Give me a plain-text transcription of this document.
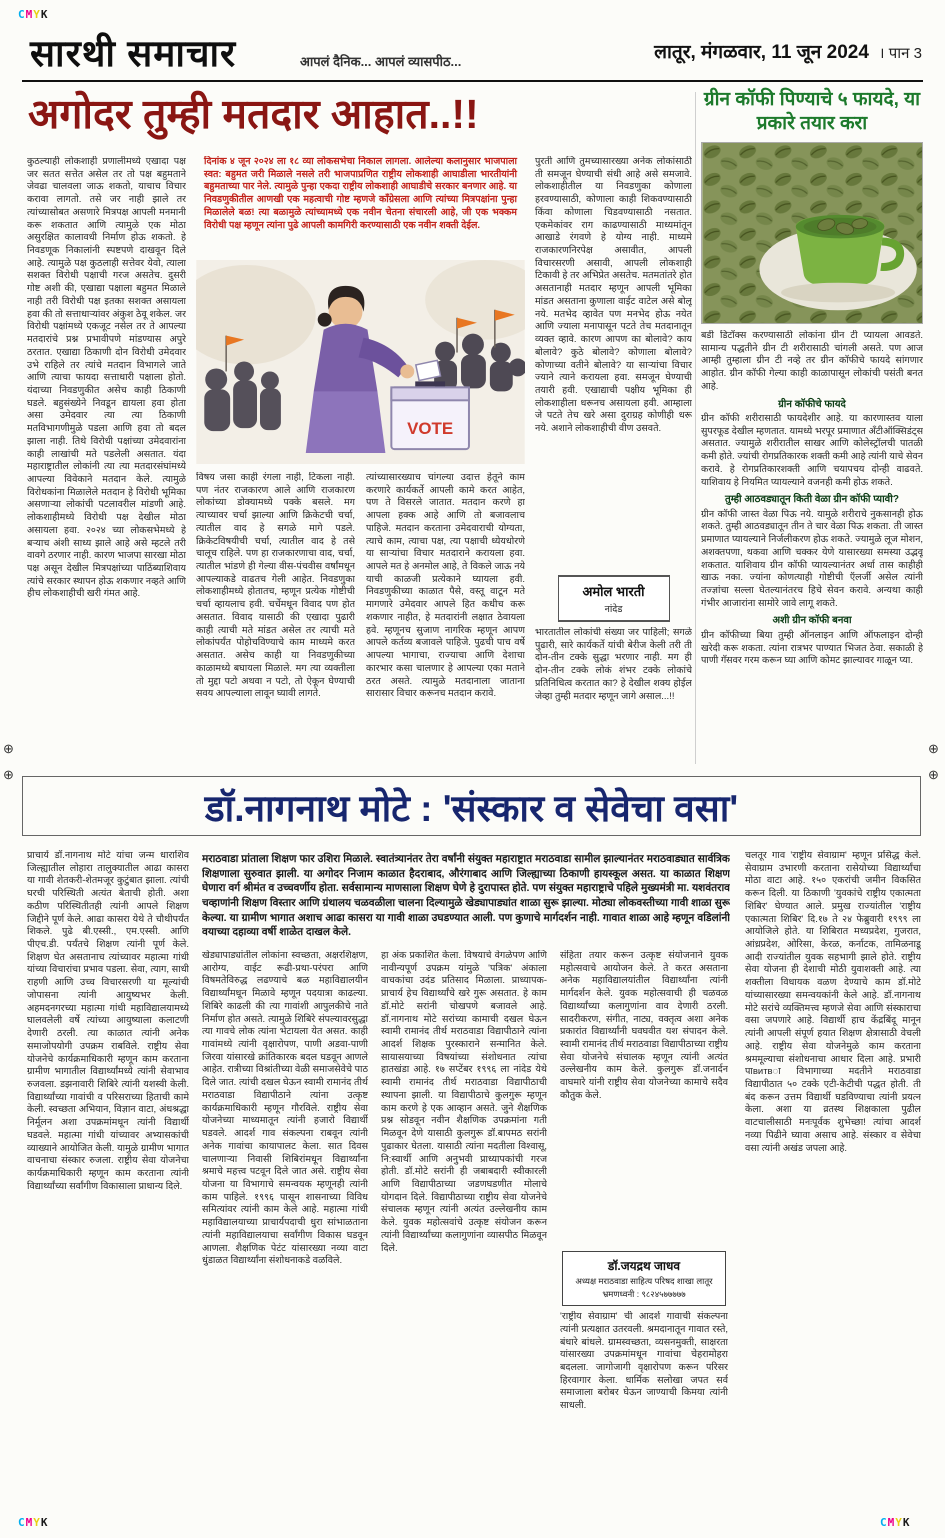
CMYK
CMYK	CMYK
⊕
⊕
⊕
⊕
सारथी समाचार	आपलं दैनिक... आपलं व्यासपीठ...	लातूर, मंगळवार, 11 जून 2024 । पान 3
अगोदर तुम्ही मतदार आहात..!!
कुठल्याही लोकशाही प्रणालीमध्ये एखादा पक्ष जर सतत सत्तेत असेल तर तो पक्ष बहुमताने जेवढा चालवला जाऊ शकतो, याचाच विचार करावा लागतो. तसे जर नाही झाले तर त्यांच्यासोबत असणारे मित्रपक्ष आपली मनमानी करू शकतात आणि त्यामुळे एक मोठा असुरक्षित कालावधी निर्माण होऊ शकतो. हे निवडणूक निकालांनी स्पष्टपणे दाखवून दिले आहे. त्यामुळे पक्ष कुठलाही सत्तेवर येवो, त्याला सशक्त विरोधी पक्षाची गरज असतेच. दुसरी गोष्ट अशी की, एखाद्या पक्षाला बहुमत मिळाले नाही तरी विरोधी पक्ष इतका सशक्त असायला हवा की तो सत्ताधाऱ्यांवर अंकुश ठेवू शकेल. जर विरोधी पक्षांमध्ये एकजूट नसेल तर ते आपल्या मतदारांचे प्रश्न प्रभावीपणे मांडण्यास अपुरे ठरतात. एखाद्या ठिकाणी दोन विरोधी उमेदवार उभे राहिले तर त्यांचे मतदान विभागले जाते आणि त्याचा फायदा सत्ताधारी पक्षाला होतो. यंदाच्या निवडणुकीत असेच काही ठिकाणी घडले. बहुसंख्येने निवडून द्यायला हवा होता असा उमेदवार त्या त्या ठिकाणी मतविभागणीमुळे पडला आणि हवा तो बदल झाला नाही. तिथे विरोधी पक्षांच्या उमेदवारांना काही लाखांची मते पडलेली असतात. यंदा महाराष्ट्रातील लोकांनी त्या त्या मतदारसंघांमध्ये आपल्या विवेकाने मतदान केले. त्यामुळे विरोधकांना मिळालेले मतदान हे विरोधी भूमिका असणाऱ्या लोकांची पटलावरील मांडणी आहे. लोकशाहीमध्ये विरोधी पक्ष देखील मोठा असायला हवा. २०२४ च्या लोकसभेमध्ये हे बऱ्याच अंशी साध्य झाले आहे असे म्हटले तरी वावगे ठरणार नाही. कारण भाजपा सारखा मोठा पक्ष असून देखील मित्रपक्षांच्या पाठिंब्याशिवाय त्यांचे सरकार स्थापन होऊ शकणार नव्हते आणि हीच लोकशाहीची खरी गंमत आहे.
दिनांक ४ जून २०२४ ला १८ व्या लोकसभेचा निकाल लागला. आलेल्या कलानुसार भाजपाला स्वत: बहुमत जरी मिळाले नसले तरी भाजपाप्रणित राष्ट्रीय लोकशाही आघाडीला भारतीयांनी बहुमताच्या पार नेले. त्यामुळे पुन्हा एकदा राष्ट्रीय लोकशाही आघाडीचे सरकार बनणार आहे. या निवडणुकीतील आणखी एक महत्वाची गोष्ट म्हणजे कॉंग्रेसला आणि त्यांच्या मित्रपक्षांना पुन्हा मिळालेले बळ! त्या बळामुळे त्यांच्यामध्ये एक नवीन चेतना संचारली आहे, जी एक भक्कम विरोधी पक्ष म्हणून त्यांना पुढे आपली कामगिरी करण्यासाठी एक नवीन शक्ती देईल.
VOTE
विषय जसा काही रंगला नाही, टिकला नाही. पण नंतर राजकारण आले आणि राजकारण लोकांच्या डोक्यामध्ये पक्के बसले. मग त्याच्यावर चर्चा झाल्या आणि क्रिकेटची चर्चा, त्यातील वाद हे सगळे मागे पडले. क्रिकेटविषयीची चर्चा, त्यातील वाद हे तसे चालूच राहिले. पण हा राजकारणाचा वाद, चर्चा, त्यातील भांडणे ही गेल्या वीस-पंचवीस वर्षांमधून आपल्याकडे वाढतच गेली आहेत. निवडणुका लोकशाहीमध्ये होतातच, म्हणून प्रत्येक गोष्टीची चर्चा व्हायलाच हवी. चर्चेमधून विवाद पण होत असतात. विवाद यासाठी की एखादा पुढारी काही त्याची मते मांडत असेल तर त्याची मते लोकांपर्यंत पोहोचविण्याचे काम माध्यमे करत असतात. असेच काही या निवडणुकीच्या काळामध्ये बघायला मिळाले. मग त्या व्यक्तीला तो मुद्दा पटो अथवा न पटो, तो ऐकून घेण्याची सवय आपल्याला लावून घ्यावी लागते.
त्यांच्यासारख्याच चांगल्या उदात्त हेतूने काम करणारे कार्यकर्ते आपली कामे करत आहेत, पण ते विसरले जातात. मतदान करणे हा आपला हक्क आहे आणि तो बजावलाच पाहिजे. मतदान करताना उमेदवाराची योग्यता, त्याचे काम, त्याचा पक्ष, त्या पक्षाची ध्येयधोरणे या साऱ्यांचा विचार मतदाराने करायला हवा. आपले मत हे अनमोल आहे, ते विकले जाऊ नये याची काळजी प्रत्येकाने घ्यायला हवी. निवडणुकीच्या काळात पैसे, वस्तू वाटून मते मागणारे उमेदवार आपले हित कधीच करू शकणार नाहीत, हे मतदारांनी लक्षात ठेवायला हवे. म्हणूनच सुजाण नागरिक म्हणून आपण आपले कर्तव्य बजावले पाहिजे. पुढची पाच वर्षे आपल्या भागाचा, राज्याचा आणि देशाचा कारभार कसा चालणार हे आपल्या एका मताने ठरत असते. त्यामुळे मतदानाला जाताना सारासार विचार करूनच मतदान करावे.
पुरती आणि तुमच्यासारख्या अनेक लोकांसाठी ती समजून घेण्याची संधी आहे असे समजावे. लोकशाहीतील या निवडणुका कोणाला हरवण्यासाठी, कोणाला काही शिकवण्यासाठी किंवा कोणाला चिडवण्यासाठी नसतात. एकमेकांवर राग काढण्यासाठी माध्यमांतून आखाडे रंगवणे हे योग्य नाही. माध्यमे राजकारणनिरपेक्ष असावीत, आपली विचारसरणी असावी, आपली लोकशाही टिकावी हे तर अभिप्रेत असतेच. मतमतांतरे होत असतानाही मतदार म्हणून आपली भूमिका मांडत असताना कुणाला वाईट वाटेल असे बोलू नये. मतभेद व्हावेत पण मनभेद होऊ नयेत आणि ज्याला मनापासून पटते तेच मतदानातून व्यक्त व्हावे. कारण आपण का बोलावे? काय बोलावे? कुठे बोलावे? कोणाला बोलावे? कोणाच्या वतीने बोलावे? या साऱ्यांचा विचार ज्याने त्याने करायला हवा. समजून घेण्याची तयारी हवी. एखाद्याची पक्षीय भूमिका ही लोकशाहीला धरूनच असायला हवी. आम्हाला जे पटते तेच खरे असा दुराग्रह कोणीही धरू नये. अशाने लोकशाहीची वीण उसवते.
अमोल भारती
नांदेड
भारतातील लोकांची संख्या जर पाहिली; सगळे पुढारी, सारे कार्यकर्ते यांची बेरीज केली तरी ती दोन-तीन टक्के सुद्धा भरणार नाही. मग ही दोन-तीन टक्के लोकं शंभर टक्के लोकांचे प्रतिनिधित्व करतात का? हे देखील शक्य होईल जेव्हा तुम्ही मतदार म्हणून जागे असाल...!!
ग्रीन कॉफी पिण्याचे ५ फायदे, या प्रकारे तयार करा

बडी डिटॉक्स करण्यासाठी लोकांना ग्रीन टी प्यायला आवडते. सामान्य पद्धतीने ग्रीन टी शरीरासाठी चांगली असते. पण आज आम्ही तुम्हाला ग्रीन टी नव्हे तर ग्रीन कॉफीचे फायदे सांगणार आहोत. ग्रीन कॉफी गेल्या काही काळापासून लोकांची पसंती बनत आहे.

ग्रीन कॉफीचे फायदे

ग्रीन कॉफी शरीरासाठी फायदेशीर आहे. या कारणास्तव याला सुपरफूड देखील म्हणतात. यामध्ये भरपूर प्रमाणात अँटीऑक्सिडंट्स असतात. ज्यामुळे शरीरातील साखर आणि कोलेस्ट्रॉलची पातळी कमी होते. ज्यांची रोगप्रतिकारक शक्ती कमी आहे त्यांनी याचे सेवन करावे. हे रोगप्रतिकारशक्ती आणि चयापचय दोन्ही वाढवते. याशिवाय हे नियमित प्यायल्याने वजनही कमी होऊ शकते.

तुम्ही आठवड्यातून किती वेळा ग्रीन कॉफी प्यावी?

ग्रीन कॉफी जास्त वेळा पिऊ नये. यामुळे शरीराचे नुकसानही होऊ शकते. तुम्ही आठवड्यातून तीन ते चार वेळा पिऊ शकता. ती जास्त प्रमाणात प्यायल्याने निर्जलीकरण होऊ शकते. ज्यामुळे लूज मोशन, अशक्तपणा, थकवा आणि चक्कर येणे यासारख्या समस्या उद्भवू शकतात. याशिवाय ग्रीन कॉफी प्यायल्यानंतर अर्धा तास काहीही खाऊ नका. ज्यांना कोणत्याही गोष्टीची ऍलर्जी असेल त्यांनी तज्ज्ञांचा सल्ला घेतल्यानंतरच हिचे सेवन करावे. अन्यथा काही गंभीर आजारांना सामोरे जावे लागू शकते.

अशी ग्रीन कॉफी बनवा

ग्रीन कॉफीच्या बिया तुम्ही ऑनलाइन आणि ऑफलाइन दोन्ही खरेदी करू शकता. त्यांना रात्रभर पाण्यात भिजत ठेवा. सकाळी हे पाणी गॅसवर गरम करून घ्या आणि कोमट झाल्यावर गाळून प्या.

डॉ.नागनाथ मोटे : 'संस्कार व सेवेचा वसा'
प्राचार्य डॉ.नागनाथ मोटे यांचा जन्म धाराशिव जिल्ह्यातील लोहारा तालुक्यातील आढा कासरा या गावी शेतकरी-शेतमजूर कुटुंबात झाला. त्यांची घरची परिस्थिती अत्यंत बेताची होती. अशा कठीण परिस्थितीतही त्यांनी आपले शिक्षण जिद्दीने पूर्ण केले. आढा कासरा येथे ते चौथीपर्यंत शिकले. पुढे बी.एस्सी., एम.एस्सी. आणि पीएच.डी. पर्यंतचे शिक्षण त्यांनी पूर्ण केले. शिक्षण घेत असतानाच त्यांच्यावर महात्मा गांधी यांच्या विचारांचा प्रभाव पडला. सेवा, त्याग, साधी राहणी आणि उच्च विचारसरणी या मूल्यांची जोपासना त्यांनी आयुष्यभर केली. अहमदनगरच्या महात्मा गांधी महाविद्यालयामध्ये घालवलेली वर्षे त्यांच्या आयुष्याला कलाटणी देणारी ठरली. त्या काळात त्यांनी अनेक समाजोपयोगी उपक्रम राबविले. राष्ट्रीय सेवा योजनेचे कार्यक्रमाधिकारी म्हणून काम करताना ग्रामीण भागातील विद्यार्थ्यांमध्ये त्यांनी सेवाभाव रुजवला. डझनावारी शिबिरे त्यांनी यशस्वी केली. विद्यार्थ्यांच्या गावांची व परिसराच्या हिताची कामे केली. स्वच्छता अभियान, विज्ञान वाटा, अंधश्रद्धा निर्मूलन अशा उपक्रमांमधून त्यांनी विद्यार्थी घडवले. महात्मा गांधी यांच्यावर अभ्यासकांची व्याख्याने आयोजित केली. यामुळे ग्रामीण भागात वाचनाचा संस्कार रुजला. राष्ट्रीय सेवा योजनेचा कार्यक्रमाधिकारी म्हणून काम करताना त्यांनी विद्यार्थ्यांच्या सर्वांगीण विकासाला प्राधान्य दिले.
मराठवाडा प्रांताला शिक्षण फार उशिरा मिळाले. स्वातंत्र्यानंतर तेरा वर्षांनी संयुक्त महाराष्ट्रात मराठवाडा सामील झाल्यानंतर मराठवाड्यात सार्वत्रिक शिक्षणाला सुरुवात झाली. या अगोदर निजाम काळात हैदराबाद, औरंगाबाद आणि जिल्ह्याच्या ठिकाणी हायस्कूल असत. या काळात शिक्षण घेणारा वर्ग श्रीमंत व उच्चवर्णीय होता. सर्वसामान्य माणसाला शिक्षण घेणे हे दुरापास्त होते. पण संयुक्त महाराष्ट्राचे पहिले मुख्यमंत्री मा. यशवंतराव चव्हाणांनी शिक्षण विस्तार आणि ग्रंथालय चळवळीला चालना दिल्यामुळे खेड्यापाड्यांत शाळा सुरू झाल्या. मोठ्या लोकवस्तीच्या गावी शाळा सुरू केल्या. या ग्रामीण भागात अशाच आढा कासरा या गावी शाळा उघडण्यात आली. पण कुणाचे मार्गदर्शन नाही. गावात शाळा आहे म्हणून वडिलांनी वयाच्या दहाव्या वर्षी शाळेत दाखल केले.
चलतूर गाव 'राष्ट्रीय सेवाग्राम' म्हणून प्रसिद्ध केले. सेवाग्राम उभारणी करताना रासेयोच्या विद्यार्थ्यांचा मोठा वाटा आहे. १५० एकरांची जमीन विकसित करून दिली. या ठिकाणी 'युवकांचे राष्ट्रीय एकात्मता शिबिर' घेण्यात आले. प्रमुख राज्यांतील 'राष्ट्रीय एकात्मता शिबिर' दि.१७ ते २४ फेब्रुवारी १९९९ ला आयोजिले होते. या शिबिरात मध्यप्रदेश, गुजरात, आंध्रप्रदेश, ओरिसा, केरळ, कर्नाटक, तामिळनाडू आदी राज्यांतील युवक सहभागी झाले होते. राष्ट्रीय सेवा योजना ही देशाची मोठी युवाशक्ती आहे. त्या शक्तीला विधायक वळण देण्याचे काम डॉ.मोटे यांच्यासारख्या समन्वयकांनी केले आहे. डॉ.नागनाथ मोटे सरांचे व्यक्तिमत्त्व म्हणजे सेवा आणि संस्काराचा वसा जपणारे आहे. विद्यार्थी हाच केंद्रबिंदू मानून त्यांनी आपली संपूर्ण हयात शिक्षण क्षेत्रासाठी वेचली आहे. राष्ट्रीय सेवा योजनेमुळे काम करताना श्रममूल्याचा संशोधनाचा आधार दिला आहे. प्रभारी पाвитвा विभागाच्या मदतीने मराठवाडा विद्यापीठात ५० टक्के एटी-केटीची पद्धत होती. ती बंद करून उत्तम विद्यार्थी घडविण्याचा त्यांनी प्रयत्न केला. अशा या व्रतस्थ शिक्षकाला पुढील वाटचालीसाठी मनःपूर्वक शुभेच्छा! त्यांचा आदर्श नव्या पिढीने घ्यावा असाच आहे. संस्कार व सेवेचा वसा त्यांनी अखंड जपला आहे.
खेड्यापाड्यांतील लोकांना स्वच्छता, अक्षरशिक्षण, आरोग्य, वाईट रूढी-प्रथा-परंपरा आणि विषमतेविरुद्ध लढण्याचे बळ महाविद्यालयीन विद्यार्थ्यांमधून मिळावे म्हणून पदयात्रा काढल्या. शिबिरे काढली की त्या गावांशी आपुलकीचे नाते निर्माण होत असते. त्यामुळे शिबिरे संपल्यावरसुद्धा त्या गावचे लोक त्यांना भेटायला येत असत. काही गावांमध्ये त्यांनी वृक्षारोपण, पाणी अडवा-पाणी जिरवा यांसारखे क्रांतिकारक बदल घडवून आणले आहेत. रात्रीच्या विश्रांतीच्या वेळी समाजसेवेचे पाठ दिले जात. त्यांची दखल घेऊन स्वामी रामानंद तीर्थ मराठवाडा विद्यापीठाने त्यांना उत्कृष्ट कार्यक्रमाधिकारी म्हणून गौरविले. राष्ट्रीय सेवा योजनेच्या माध्यमातून त्यांनी हजारो विद्यार्थी घडवले. आदर्श गाव संकल्पना राबवून त्यांनी अनेक गावांचा कायापालट केला. सात दिवस चालणाऱ्या निवासी शिबिरांमधून विद्यार्थ्यांना श्रमाचे महत्त्व पटवून दिले जात असे. राष्ट्रीय सेवा योजना या विभागाचे समन्वयक म्हणूनही त्यांनी काम पाहिले. १९९६ पासून शासनाच्या विविध समित्यांवर त्यांनी काम केले आहे. महात्मा गांधी महाविद्यालयाच्या प्राचार्यपदाची धुरा सांभाळताना त्यांनी महाविद्यालयाचा सर्वांगीण विकास घडवून आणला. शैक्षणिक पेटंट यांसारख्या नव्या वाटा धुंडाळत विद्यार्थ्यांना संशोधनाकडे वळविले.
हा अंक प्रकाशित केला. विषयाचे वेगळेपण आणि नावीन्यपूर्ण उपक्रम यांमुळे 'पत्रिक' अंकाला वाचकांचा उदंड प्रतिसाद मिळाला. प्राध्यापक-प्राचार्य हेच विद्यार्थ्यांचे खरे गुरू असतात. हे काम डॉ.मोटे सरांनी चोखपणे बजावले आहे. डॉ.नागनाथ मोटे सरांच्या कामाची दखल घेऊन स्वामी रामानंद तीर्थ मराठवाडा विद्यापीठाने त्यांना आदर्श शिक्षक पुरस्काराने सन्मानित केले. सायासयाच्या विषयांच्या संशोधनात त्यांचा हातखंडा आहे. १७ सप्टेंबर १९९६ ला नांदेड येथे स्वामी रामानंद तीर्थ मराठवाडा विद्यापीठाची स्थापना झाली. या विद्यापीठाचे कुलगुरू म्हणून काम करणे हे एक आव्हान असते. जुने शैक्षणिक प्रश्न सोडवून नवीन शैक्षणिक उपक्रमांना गती मिळवून देणे यासाठी कुलगुरू डॉ.बापमठ सरांनी पुढाकार घेतला. यासाठी त्यांना मदतीला विश्वासू, नि:स्वार्थी आणि अनुभवी प्राध्यापकांची गरज होती. डॉ.मोटे सरांनी ही जबाबदारी स्वीकारली आणि विद्यापीठाच्या जडणघडणीत मोलाचे योगदान दिले. विद्यापीठाच्या राष्ट्रीय सेवा योजनेचे संचालक म्हणून त्यांनी अत्यंत उल्लेखनीय काम केले. युवक महोत्सवांचे उत्कृष्ट संयोजन करून त्यांनी विद्यार्थ्यांच्या कलागुणांना व्यासपीठ मिळवून दिले.
संहिता तयार करून उत्कृष्ट संयोजनाने युवक महोत्सवाचे आयोजन केले. ते करत असताना अनेक महाविद्यालयांतील विद्यार्थ्यांना त्यांनी मार्गदर्शन केले. युवक महोत्सवाची ही चळवळ विद्यार्थ्यांच्या कलागुणांना वाव देणारी ठरली. सादरीकरण, संगीत, नाट्य, वक्तृत्व अशा अनेक प्रकारांत विद्यार्थ्यांनी घवघवीत यश संपादन केले. स्वामी रामानंद तीर्थ मराठवाडा विद्यापीठाच्या राष्ट्रीय सेवा योजनेचे संचालक म्हणून त्यांनी अत्यंत उल्लेखनीय काम केले. कुलगुरू डॉ.जनार्दन वाघमारे यांनी राष्ट्रीय सेवा योजनेच्या कामाचे सदैव कौतुक केले.
डॉ.जयद्रथ जाधव
अध्यक्ष मराठवाडा साहित्य परिषद शाखा लातूर
भ्रमणध्वनी : ९८२४५७७७७७
'राष्ट्रीय सेवाग्राम' ची आदर्श गावाची संकल्पना त्यांनी प्रत्यक्षात उतरवली. श्रमदानातून गावात रस्ते, बंधारे बांधले. ग्रामस्वच्छता, व्यसनमुक्ती, साक्षरता यांसारख्या उपक्रमांमधून गावांचा चेहरामोहरा बदलला. जागोजागी वृक्षारोपण करून परिसर हिरवागार केला. धार्मिक सलोखा जपत सर्व समाजाला बरोबर घेऊन जाण्याची किमया त्यांनी साधली.
